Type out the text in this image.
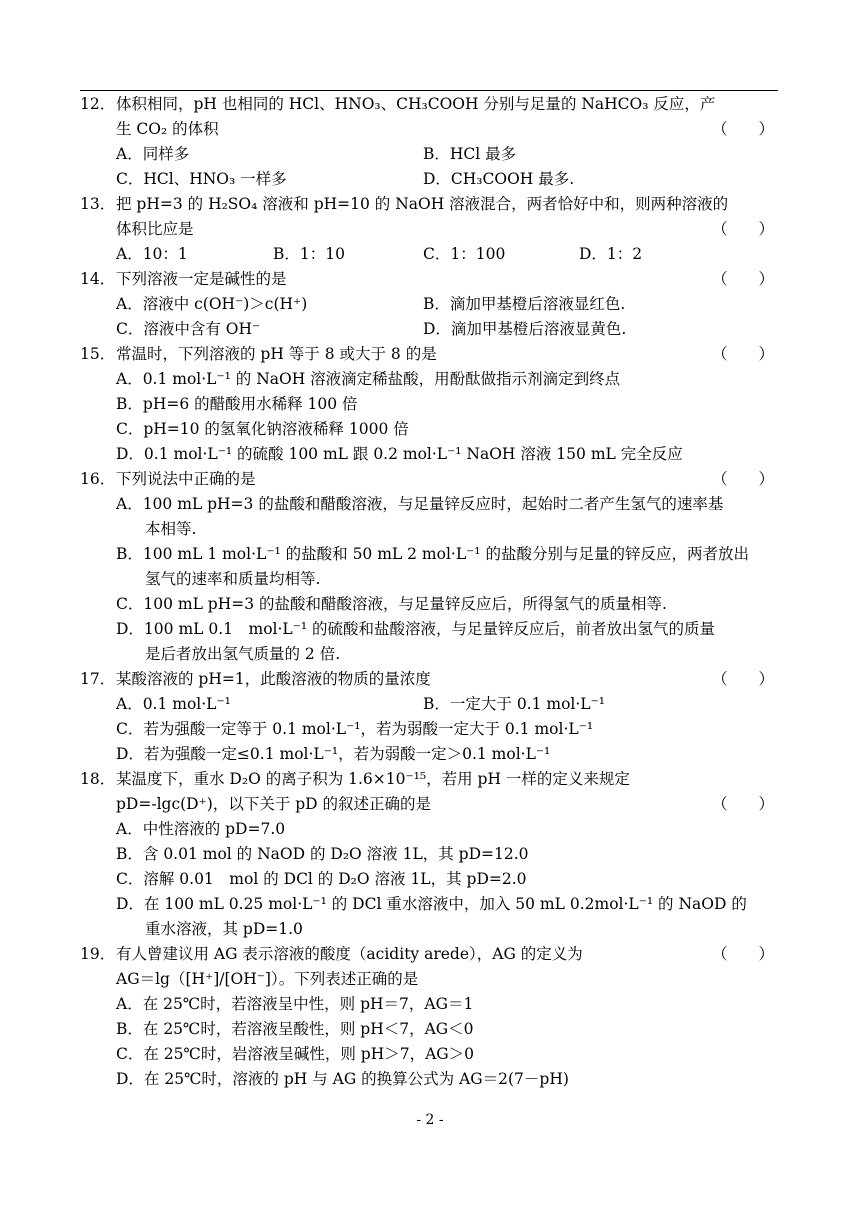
12． 体积相同，pH 也相同的 HCl、HNO₃、CH₃COOH 分别与足量的 NaHCO₃ 反应，产
生 CO₂ 的体积	（　　）
A．同样多	B．HCl 最多
C．HCl、HNO₃ 一样多	D．CH₃COOH 最多.
13． 把 pH=3 的 H₂SO₄ 溶液和 pH=10 的 NaOH 溶液混合，两者恰好中和，则两种溶液的
体积比应是	（　　）
A．10：1	B．1：10	C．1：100	D．1：2
14． 下列溶液一定是碱性的是	（　　）
A．溶液中 c(OH⁻)＞c(H⁺)	B．滴加甲基橙后溶液显红色.
C．溶液中含有 OH⁻	D．滴加甲基橙后溶液显黄色.
15． 常温时，下列溶液的 pH 等于 8 或大于 8 的是	（　　）
A．0.1 mol·L⁻¹ 的 NaOH 溶液滴定稀盐酸，用酚酞做指示剂滴定到终点
B．pH=6 的醋酸用水稀释 100 倍
C．pH=10 的氢氧化钠溶液稀释 1000 倍
D．0.1 mol·L⁻¹ 的硫酸 100 mL 跟 0.2 mol·L⁻¹ NaOH 溶液 150 mL 完全反应
16． 下列说法中正确的是	（　　）
A．100 mL pH=3 的盐酸和醋酸溶液，与足量锌反应时，起始时二者产生氢气的速率基
本相等.
B．100 mL 1 mol·L⁻¹ 的盐酸和 50 mL 2 mol·L⁻¹ 的盐酸分别与足量的锌反应，两者放出
氢气的速率和质量均相等.
C．100 mL pH=3 的盐酸和醋酸溶液，与足量锌反应后，所得氢气的质量相等.
D．100 mL 0.1　mol·L⁻¹ 的硫酸和盐酸溶液，与足量锌反应后，前者放出氢气的质量
是后者放出氢气质量的 2 倍.
17． 某酸溶液的 pH=1，此酸溶液的物质的量浓度	（　　）
A．0.1 mol·L⁻¹	B．一定大于 0.1 mol·L⁻¹
C．若为强酸一定等于 0.1 mol·L⁻¹，若为弱酸一定大于 0.1 mol·L⁻¹
D．若为强酸一定≤0.1 mol·L⁻¹，若为弱酸一定＞0.1 mol·L⁻¹
18． 某温度下，重水 D₂O 的离子积为 1.6×10⁻¹⁵，若用 pH 一样的定义来规定
pD=-lgc(D⁺)，以下关于 pD 的叙述正确的是	（　　）
A．中性溶液的 pD=7.0
B．含 0.01 mol 的 NaOD 的 D₂O 溶液 1L，其 pD=12.0
C．溶解 0.01　mol 的 DCl 的 D₂O 溶液 1L，其 pD=2.0
D．在 100 mL 0.25 mol·L⁻¹ 的 DCl 重水溶液中，加入 50 mL 0.2mol·L⁻¹ 的 NaOD 的
重水溶液，其 pD=1.0
19． 有人曾建议用 AG 表示溶液的酸度（acidity arede），AG 的定义为	（　　）
AG＝lg（[H⁺]/[OH⁻]）。下列表述正确的是
A．在 25℃时，若溶液呈中性，则 pH＝7，AG＝1
B．在 25℃时，若溶液呈酸性，则 pH＜7，AG＜0
C．在 25℃时，岩溶液呈碱性，则 pH＞7，AG＞0
D．在 25℃时，溶液的 pH 与 AG 的换算公式为 AG＝2(7－pH)
- 2 -
